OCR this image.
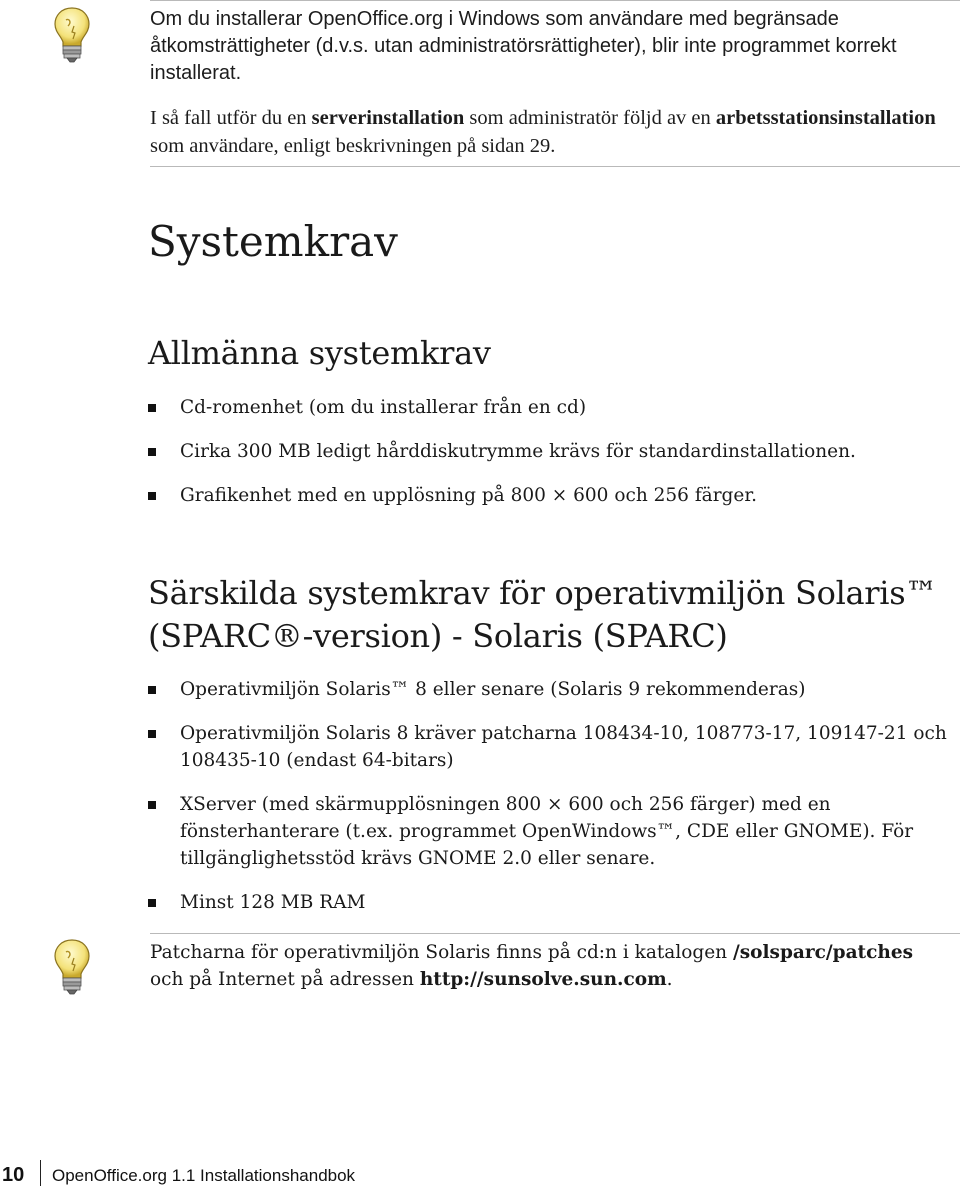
Om du installerar OpenOffice.org i Windows som användare med begränsade åtkomsträttigheter (d.v.s. utan administratörsrättigheter), blir inte programmet korrekt installerat.

I så fall utför du en serverinstallation som administratör följd av en arbetsstationsinstallation som användare, enligt beskrivningen på sidan 29.

Systemkrav
Allmänna systemkrav
Cd-romenhet (om du installerar från en cd)
Cirka 300 MB ledigt hårddiskutrymme krävs för standardinstallationen.
Grafikenhet med en upplösning på 800 × 600 och 256 färger.
Särskilda systemkrav för operativmiljön Solaris™ (SPARC®-version) - Solaris (SPARC)
Operativmiljön Solaris™ 8 eller senare (Solaris 9 rekommenderas)
Operativmiljön Solaris 8 kräver patcharna 108434-10, 108773-17, 109147-21 och 108435-10 (endast 64-bitars)
XServer (med skärmupplösningen 800 × 600 och 256 färger) med en fönsterhanterare (t.ex. programmet OpenWindows™, CDE eller GNOME). För tillgänglighetsstöd krävs GNOME 2.0 eller senare.
Minst 128 MB RAM

Patcharna för operativmiljön Solaris finns på cd:n i katalogen /solsparc/patches och på Internet på adressen http://sunsolve.sun.com.

10 OpenOffice.org 1.1 Installationshandbok
